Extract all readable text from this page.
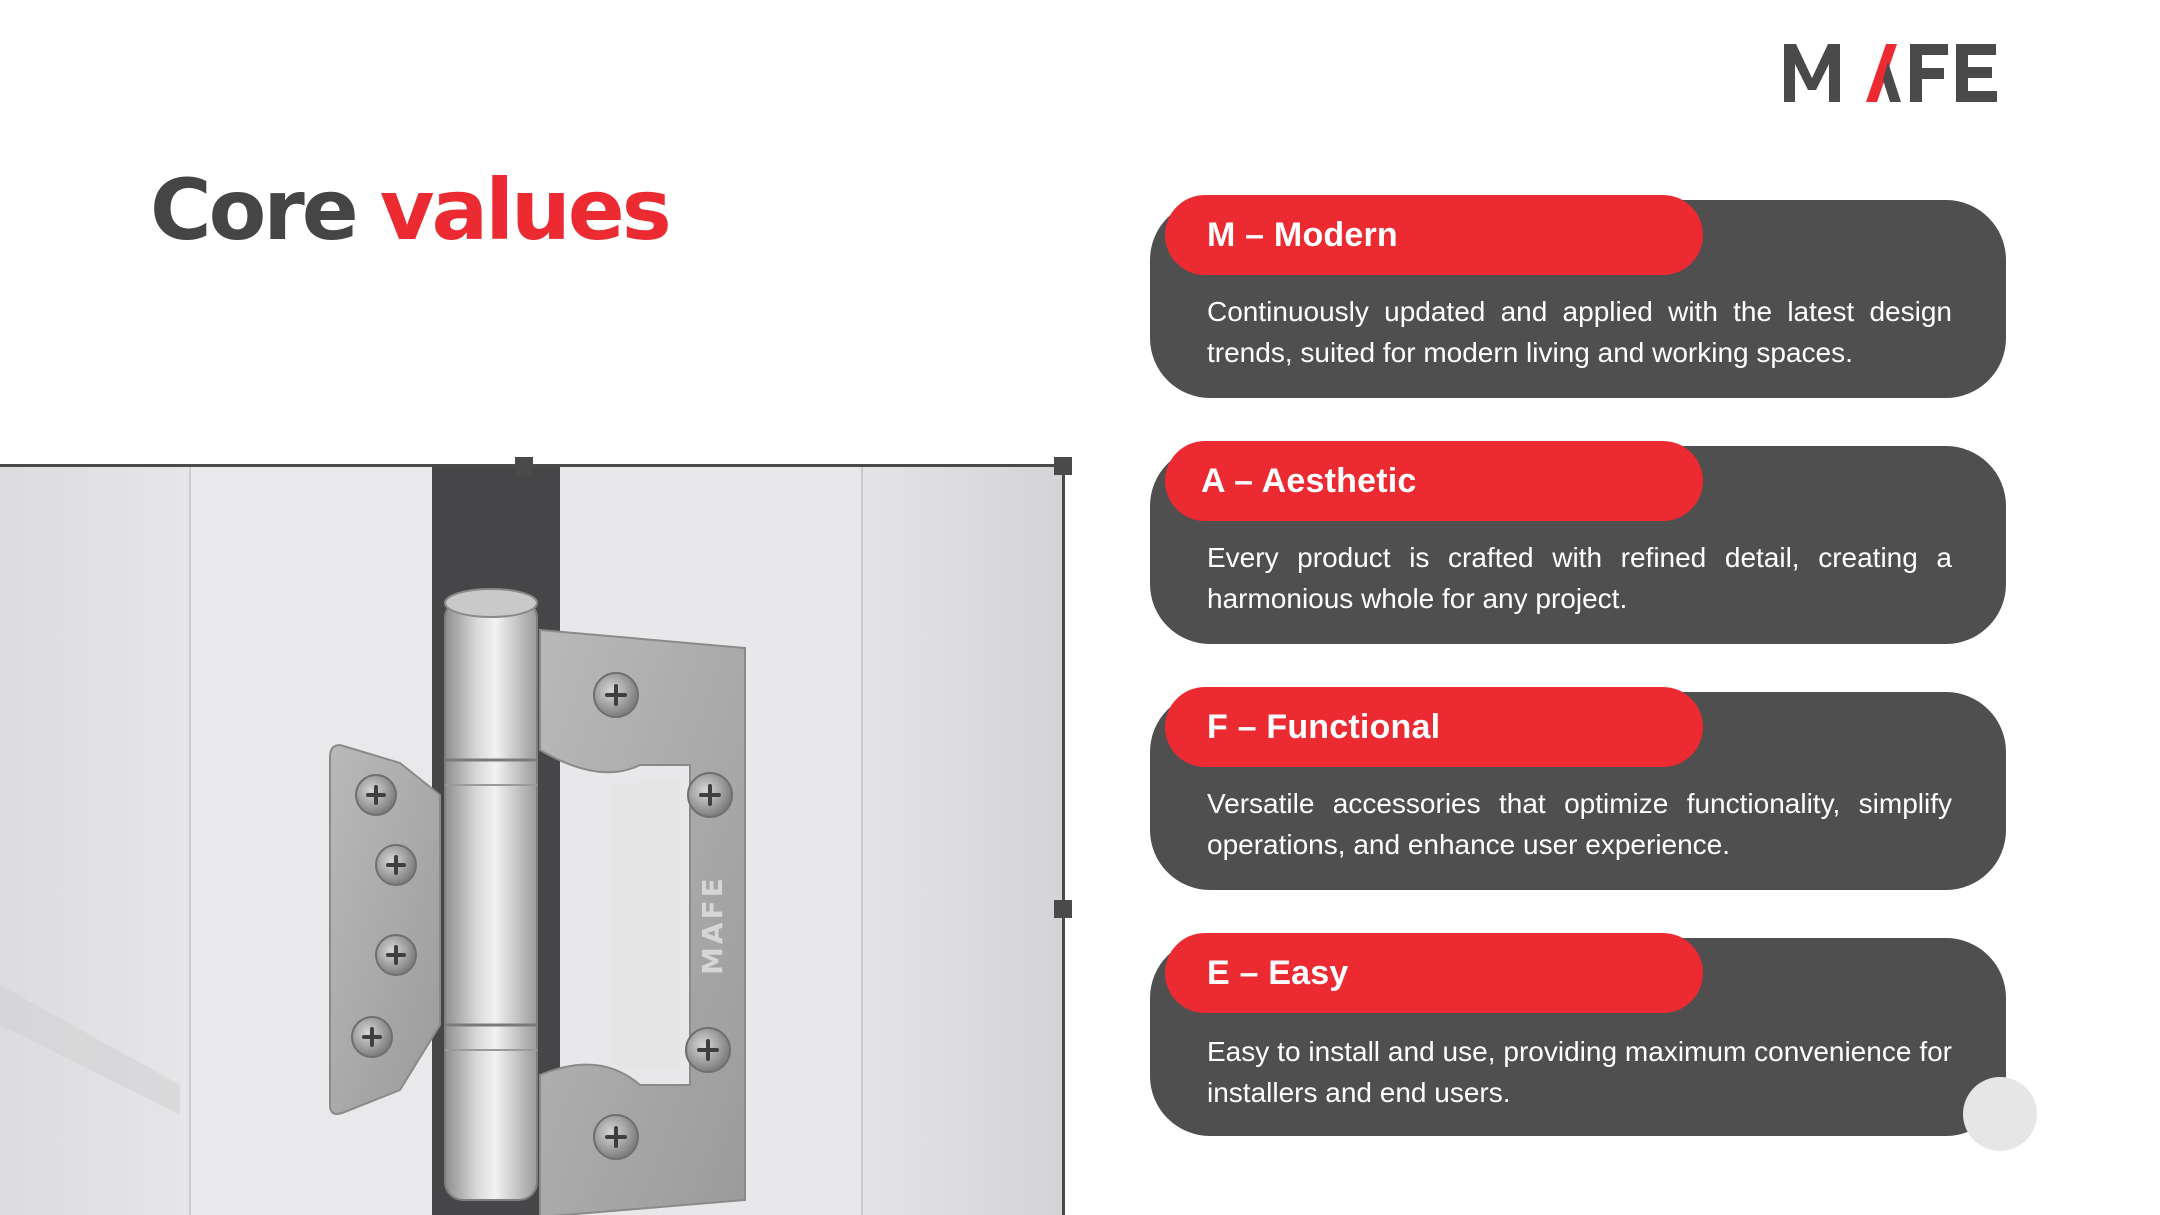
Core values
MAFE
M – Modern

Continuously updated and applied with the latest design trends, suited for modern living and working spaces.

A – Aesthetic

Every product is crafted with refined detail, creating a harmonious whole for any project.

F – Functional

Versatile accessories that optimize functionality, simplify operations, and enhance user experience.

E – Easy

Easy to install and use, providing maximum convenience for installers and end users.
